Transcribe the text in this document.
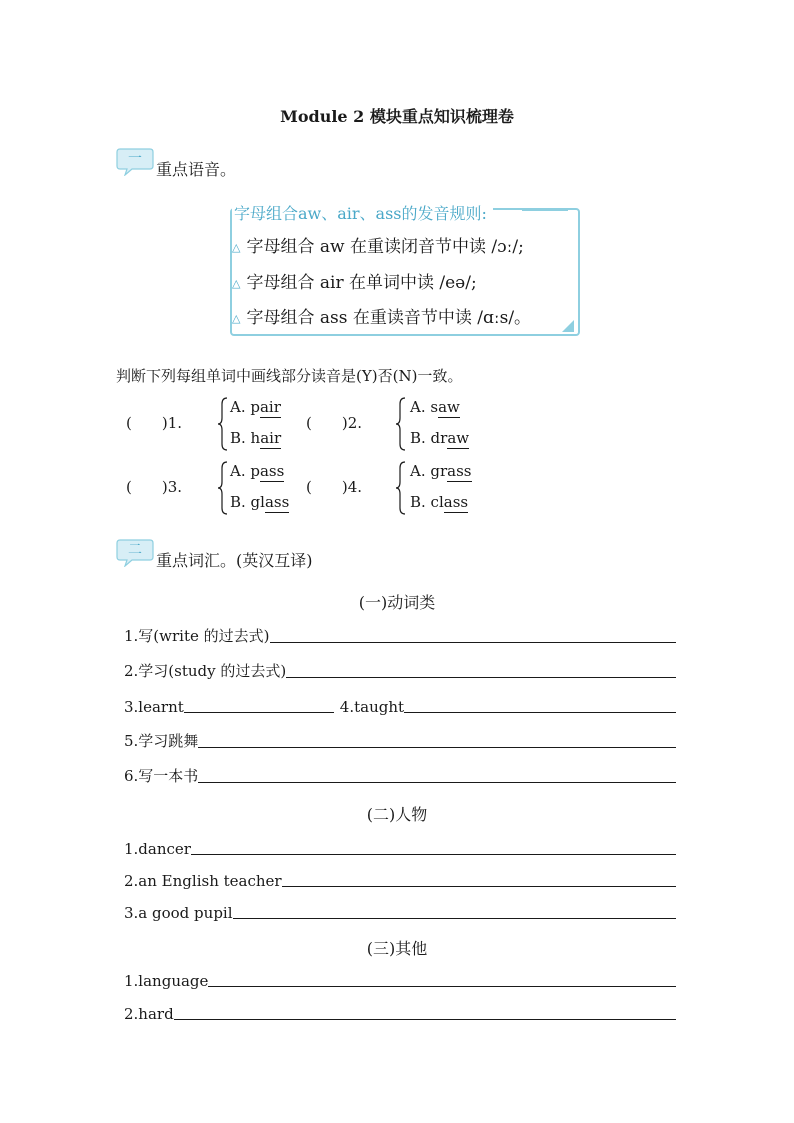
Module 2 模块重点知识梳理卷
一
重点语音。
字母组合aw、air、ass的发音规则:
△ 字母组合 aw 在重读闭音节中读 /ɔː/;
△ 字母组合 air 在单词中读 /eə/;
△ 字母组合 ass 在重读音节中读 /ɑːs/。
判断下列每组单词中画线部分读音是(Y)否(N)一致。
(　　)1.
A. pair
B. hair
(　　)2.
A. saw
B. draw
(　　)3.
A. pass
B. glass
(　　)4.
A. grass
B. class
二
重点词汇。(英汉互译)
(一)动词类
1.写(write 的过去式)
2.学习(study 的过去式)
3.learnt	4.taught
5.学习跳舞
6.写一本书
(二)人物
1.dancer
2.an English teacher
3.a good pupil
(三)其他
1.language
2.hard
